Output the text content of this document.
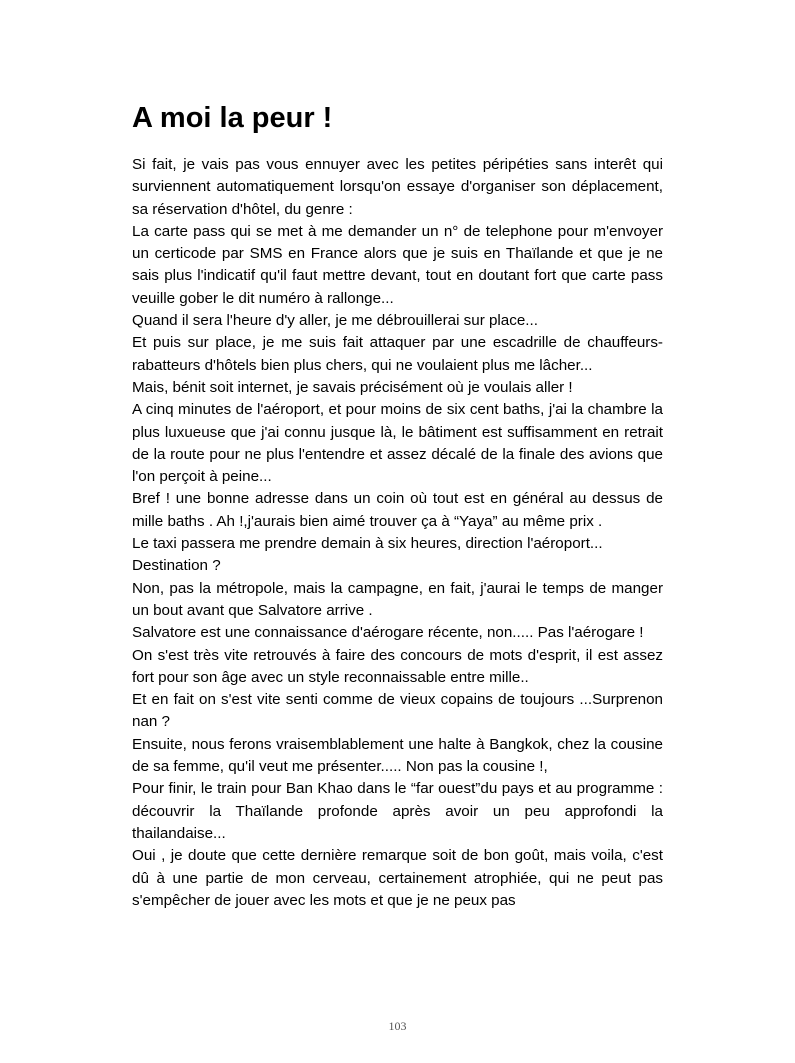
A moi la peur !

Si fait, je vais pas vous ennuyer avec les petites péripéties sans interêt qui surviennent automatiquement lorsqu'on essaye d'organiser son déplacement, sa réservation d'hôtel, du genre :

La carte pass qui se met à me demander un n° de telephone pour m'envoyer un certicode par SMS en France alors que je suis en Thaïlande et que je ne sais plus l'indicatif qu'il faut mettre devant, tout en doutant fort que carte pass veuille gober le dit numéro à rallonge...

Quand il sera l'heure d'y aller, je me débrouillerai sur place...

Et puis sur place, je me suis fait attaquer par une escadrille de chauffeurs-rabatteurs d'hôtels bien plus chers, qui ne voulaient plus me lâcher...

Mais, bénit soit internet, je savais précisément où je voulais aller !

A cinq minutes de l'aéroport, et pour moins de six cent baths, j'ai la chambre la plus luxueuse que j'ai connu jusque là, le bâtiment est suffisamment en retrait de la route pour ne plus l'entendre et assez décalé de la finale des avions que l'on perçoit à peine...

Bref ! une bonne adresse dans un coin où tout est en général au dessus de mille baths . Ah !,j'aurais bien aimé trouver ça à “Yaya” au même prix .

Le taxi passera me prendre demain à six heures, direction l'aéroport...

Destination ?

Non, pas la métropole, mais la campagne, en fait, j'aurai le temps de manger un bout avant que Salvatore arrive .

Salvatore est une connaissance d'aérogare récente, non..... Pas l'aérogare !

On s'est très vite retrouvés à faire des concours de mots d'esprit, il est assez fort pour son âge avec un style reconnaissable entre mille..

Et en fait on s'est vite senti comme de vieux copains de toujours ...Surprenon nan ?

Ensuite, nous ferons vraisemblablement une halte à Bangkok, chez la cousine de sa femme, qu'il veut me présenter..... Non pas la cousine !,

Pour finir, le train pour Ban Khao dans le “far ouest”du pays et au programme : découvrir la Thaïlande profonde après avoir un peu approfondi la thailandaise...

Oui , je doute que cette dernière remarque soit de bon goût, mais voila, c'est dû à une partie de mon cerveau, certainement atrophiée, qui ne peut pas s'empêcher de jouer avec les mots et que je ne peux pas

103
